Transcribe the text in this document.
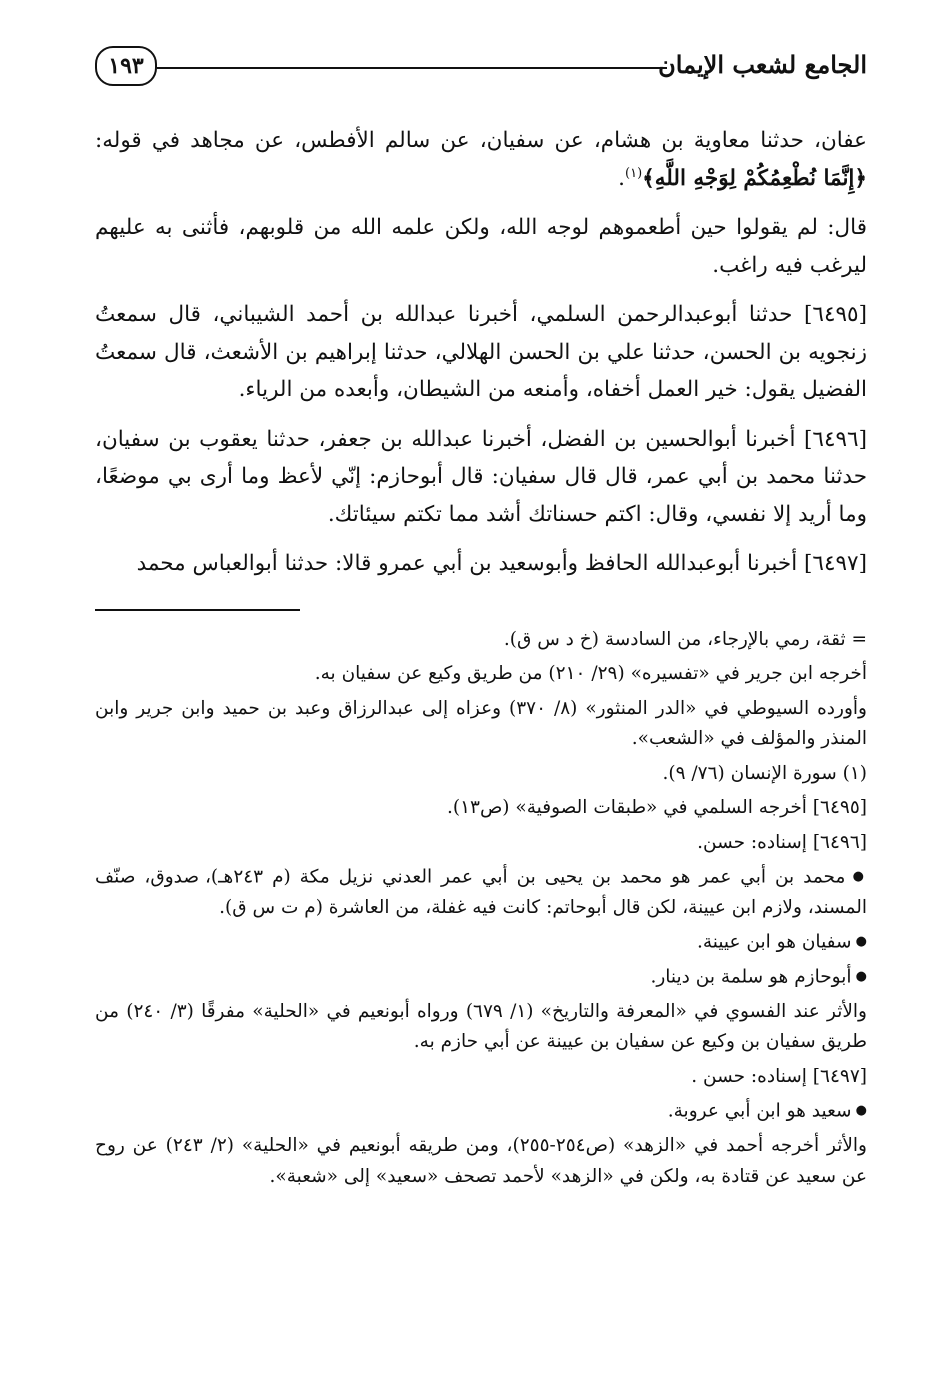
الجامع لشعب الإيمان
١٩٣

عفان، حدثنا معاوية بن هشام، عن سفيان، عن سالم الأفطس، عن مجاهد في قوله: ﴿إِنَّمَا نُطْعِمُكُمْ لِوَجْهِ اللَّهِ﴾$^{(١)}$.

قال: لم يقولوا حين أطعموهم لوجه الله، ولكن علمه الله من قلوبهم، فأثنى به عليهم ليرغب فيه راغب.

[٦٤٩٥] حدثنا أبوعبدالرحمن السلمي، أخبرنا عبدالله بن أحمد الشيباني، قال سمعتُ زنجويه بن الحسن، حدثنا علي بن الحسن الهلالي، حدثنا إبراهيم بن الأشعث، قال سمعتُ الفضيل يقول: خير العمل أخفاه، وأمنعه من الشيطان، وأبعده من الرياء.

[٦٤٩٦] أخبرنا أبوالحسين بن الفضل، أخبرنا عبدالله بن جعفر، حدثنا يعقوب بن سفيان، حدثنا محمد بن أبي عمر، قال قال سفيان: قال أبوحازم: إنّي لأعظ وما أرى بي موضعًا، وما أريد إلا نفسي، وقال: اكتم حسناتك أشد مما تكتم سيئاتك.

[٦٤٩٧] أخبرنا أبوعبدالله الحافظ وأبوسعيد بن أبي عمرو قالا: حدثنا أبوالعباس محمد

= ثقة، رمي بالإرجاء، من السادسة (خ د س ق).

أخرجه ابن جرير في «تفسيره» (٢٩/ ٢١٠) من طريق وكيع عن سفيان به.

وأورده السيوطي في «الدر المنثور» (٨/ ٣٧٠) وعزاه إلى عبدالرزاق وعبد بن حميد وابن جرير وابن المنذر والمؤلف في «الشعب».

(١) سورة الإنسان (٧٦/ ٩).

[٦٤٩٥] أخرجه السلمي في «طبقات الصوفية» (ص١٣).

[٦٤٩٦] إسناده: حسن.

● محمد بن أبي عمر هو محمد بن يحيى بن أبي عمر العدني نزيل مكة (م ٢٤٣هـ)، صدوق، صنّف المسند، ولازم ابن عيينة، لكن قال أبوحاتم: كانت فيه غفلة، من العاشرة (م ت س ق).

● سفيان هو ابن عيينة.

● أبوحازم هو سلمة بن دينار.

والأثر عند الفسوي في «المعرفة والتاريخ» (١/ ٦٧٩) ورواه أبونعيم في «الحلية» مفرقًا (٣/ ٢٤٠) من طريق سفيان بن وكيع عن سفيان بن عيينة عن أبي حازم به.

[٦٤٩٧] إسناده: حسن .

● سعيد هو ابن أبي عروبة.

والأثر أخرجه أحمد في «الزهد» (ص٢٥٤-٢٥٥)، ومن طريقه أبونعيم في «الحلية» (٢/ ٢٤٣) عن روح عن سعيد عن قتادة به، ولكن في «الزهد» لأحمد تصحف «سعيد» إلى «شعبة».
